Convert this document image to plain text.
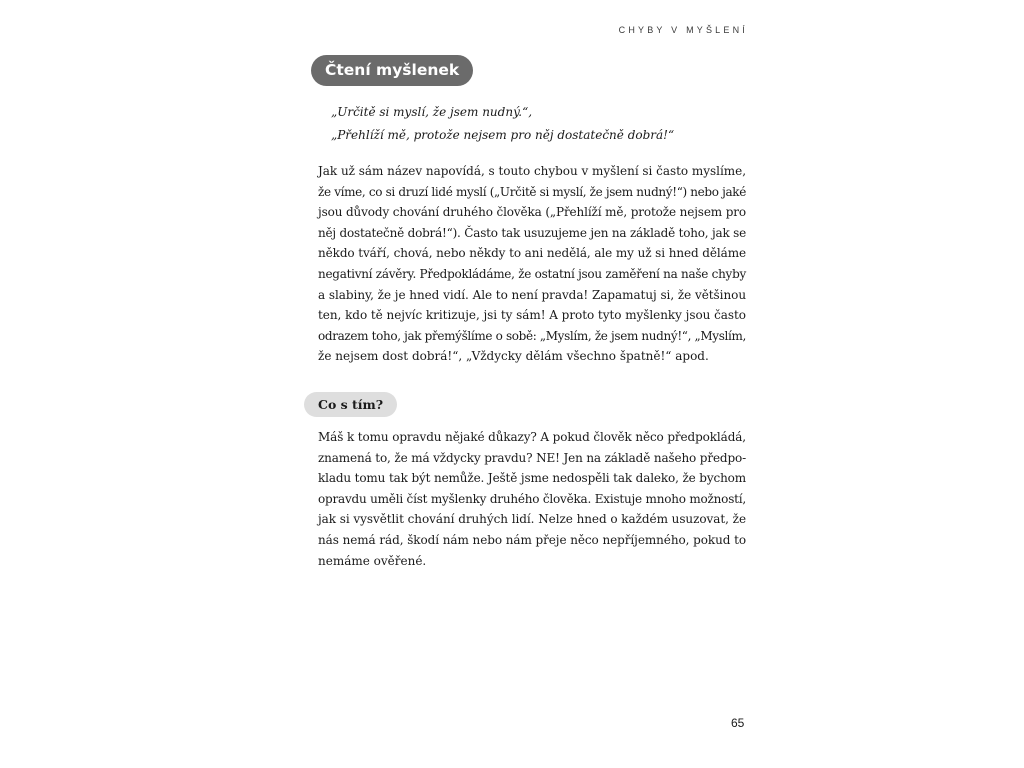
CHYBY V MYŠLENÍ
Čtení myšlenek
„Určitě si myslí, že jsem nudný.“,
„Přehlíží mě, protože nejsem pro něj dostatečně dobrá!“
Jak už sám název napovídá, s touto chybou v myšlení si často myslíme,
že víme, co si druzí lidé myslí („Určitě si myslí, že jsem nudný!“) nebo jaké
jsou důvody chování druhého člověka („Přehlíží mě, protože nejsem pro
něj dostatečně dobrá!“). Často tak usuzujeme jen na základě toho, jak se
někdo tváří, chová, nebo někdy to ani nedělá, ale my už si hned děláme
negativní závěry. Předpokládáme, že ostatní jsou zaměření na naše chyby
a slabiny, že je hned vidí. Ale to není pravda! Zapamatuj si, že většinou
ten, kdo tě nejvíc kritizuje, jsi ty sám! A proto tyto myšlenky jsou často
odrazem toho, jak přemýšlíme o sobě: „Myslím, že jsem nudný!“, „Myslím,
že nejsem dost dobrá!“, „Vždycky dělám všechno špatně!“ apod.
Co s tím?
Máš k tomu opravdu nějaké důkazy? A pokud člověk něco předpokládá,
znamená to, že má vždycky pravdu? NE! Jen na základě našeho předpo-
kladu tomu tak být nemůže. Ještě jsme nedospěli tak daleko, že bychom
opravdu uměli číst myšlenky druhého člověka. Existuje mnoho možností,
jak si vysvětlit chování druhých lidí. Nelze hned o každém usuzovat, že
nás nemá rád, škodí nám nebo nám přeje něco nepříjemného, pokud to
nemáme ověřené.
65
